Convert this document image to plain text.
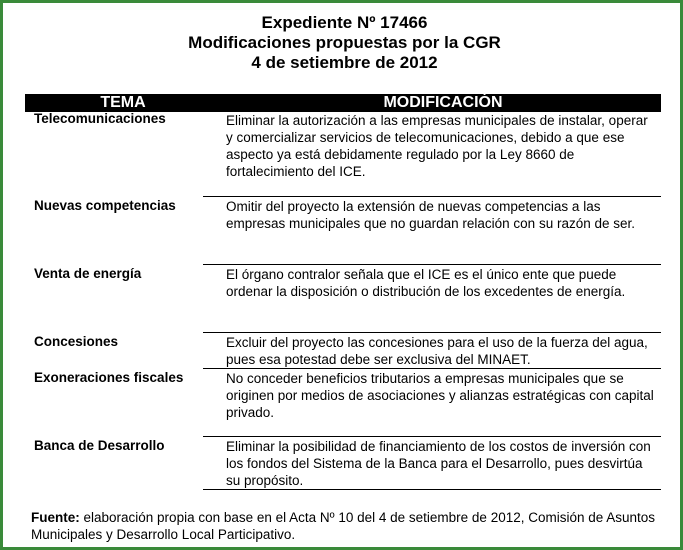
Expediente Nº 17466
Modificaciones propuestas por la CGR
4 de setiembre de 2012
TEMA	MODIFICACIÓN
Telecomunicaciones	Eliminar la autorización a las empresas municipales de instalar, operar y comercializar servicios de telecomunicaciones, debido a que ese aspecto ya está debidamente regulado por la Ley 8660 de fortalecimiento del ICE.
Nuevas competencias	Omitir del proyecto la extensión de nuevas competencias a las empresas municipales que no guardan relación con su razón de ser.
Venta de energía	El órgano contralor señala que el ICE es el único ente que puede ordenar la disposición o distribución de los excedentes de energía.
Concesiones	Excluir del proyecto las concesiones para el uso de la fuerza del agua, pues esa potestad debe ser exclusiva del MINAET.
Exoneraciones fiscales	No conceder beneficios tributarios a empresas municipales que se originen por medios de asociaciones y alianzas estratégicas con capital privado.
Banca de Desarrollo	Eliminar la posibilidad de financiamiento de los costos de inversión con los fondos del Sistema de la Banca para el Desarrollo, pues desvirtúa su propósito.
Fuente: elaboración propia con base en el Acta Nº 10 del 4 de setiembre de 2012, Comisión de Asuntos Municipales y Desarrollo Local Participativo.
